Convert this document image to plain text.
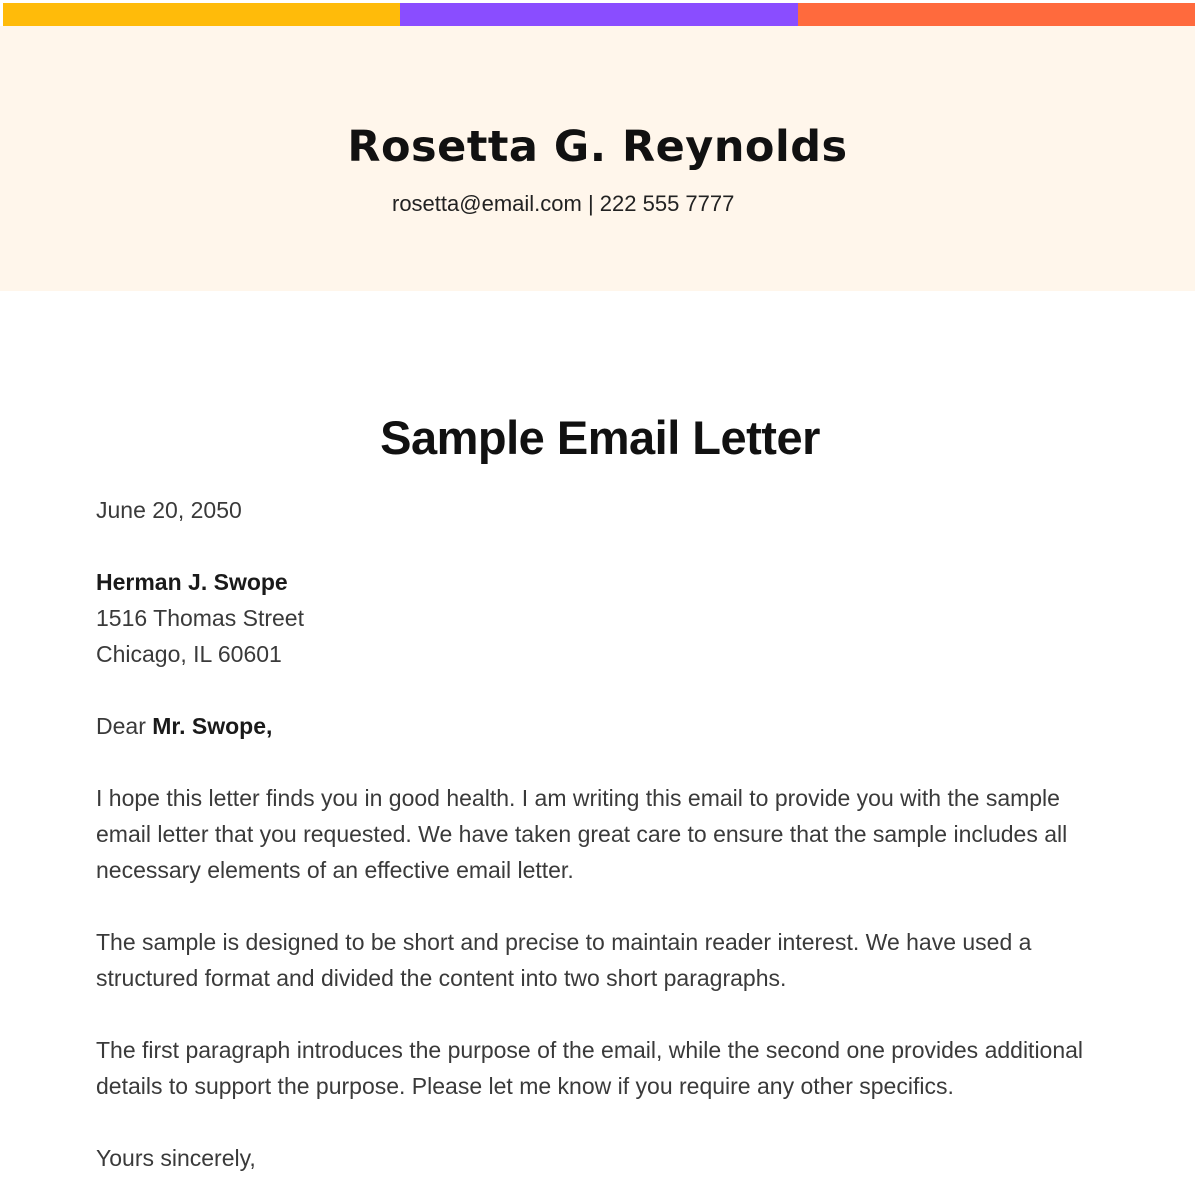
Rosetta G. Reynolds
rosetta@email.com | 222 555 7777
Sample Email Letter

June 20, 2050

Herman J. Swope
1516 Thomas Street
Chicago, IL 60601

Dear Mr. Swope,

I hope this letter finds you in good health. I am writing this email to provide you with the sample email letter that you requested. We have taken great care to ensure that the sample includes all necessary elements of an effective email letter.

The sample is designed to be short and precise to maintain reader interest. We have used a structured format and divided the content into two short paragraphs.

The first paragraph introduces the purpose of the email, while the second one provides additional details to support the purpose. Please let me know if you require any other specifics.

Yours sincerely,
